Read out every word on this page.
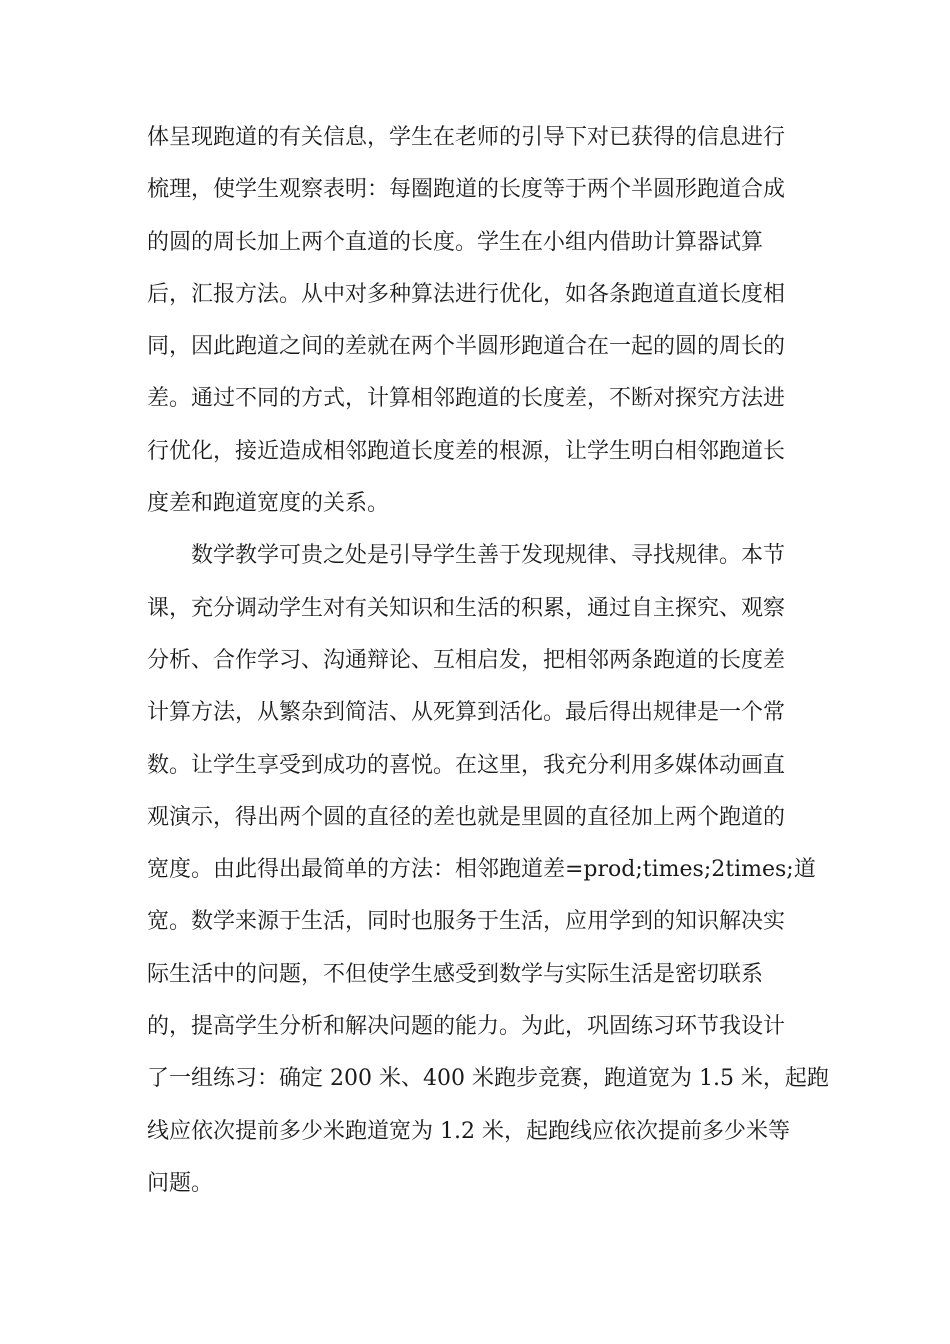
体呈现跑道的有关信息，学生在老师的引导下对已获得的信息进行
梳理，使学生观察表明：每圈跑道的长度等于两个半圆形跑道合成
的圆的周长加上两个直道的长度。学生在小组内借助计算器试算
后，汇报方法。从中对多种算法进行优化，如各条跑道直道长度相
同，因此跑道之间的差就在两个半圆形跑道合在一起的圆的周长的
差。通过不同的方式，计算相邻跑道的长度差，不断对探究方法进
行优化，接近造成相邻跑道长度差的根源，让学生明白相邻跑道长
度差和跑道宽度的关系。
数学教学可贵之处是引导学生善于发现规律、寻找规律。本节
课，充分调动学生对有关知识和生活的积累，通过自主探究、观察
分析、合作学习、沟通辩论、互相启发，把相邻两条跑道的长度差
计算方法，从繁杂到简洁、从死算到活化。最后得出规律是一个常
数。让学生享受到成功的喜悦。在这里，我充分利用多媒体动画直
观演示，得出两个圆的直径的差也就是里圆的直径加上两个跑道的
宽度。由此得出最简单的方法：相邻跑道差=prod;times;2times;道
宽。数学来源于生活，同时也服务于生活，应用学到的知识解决实
际生活中的问题，不但使学生感受到数学与实际生活是密切联系
的，提高学生分析和解决问题的能力。为此，巩固练习环节我设计
了一组练习：确定 200 米、400 米跑步竞赛，跑道宽为 1.5 米，起跑
线应依次提前多少米跑道宽为 1.2 米，起跑线应依次提前多少米等
问题。
